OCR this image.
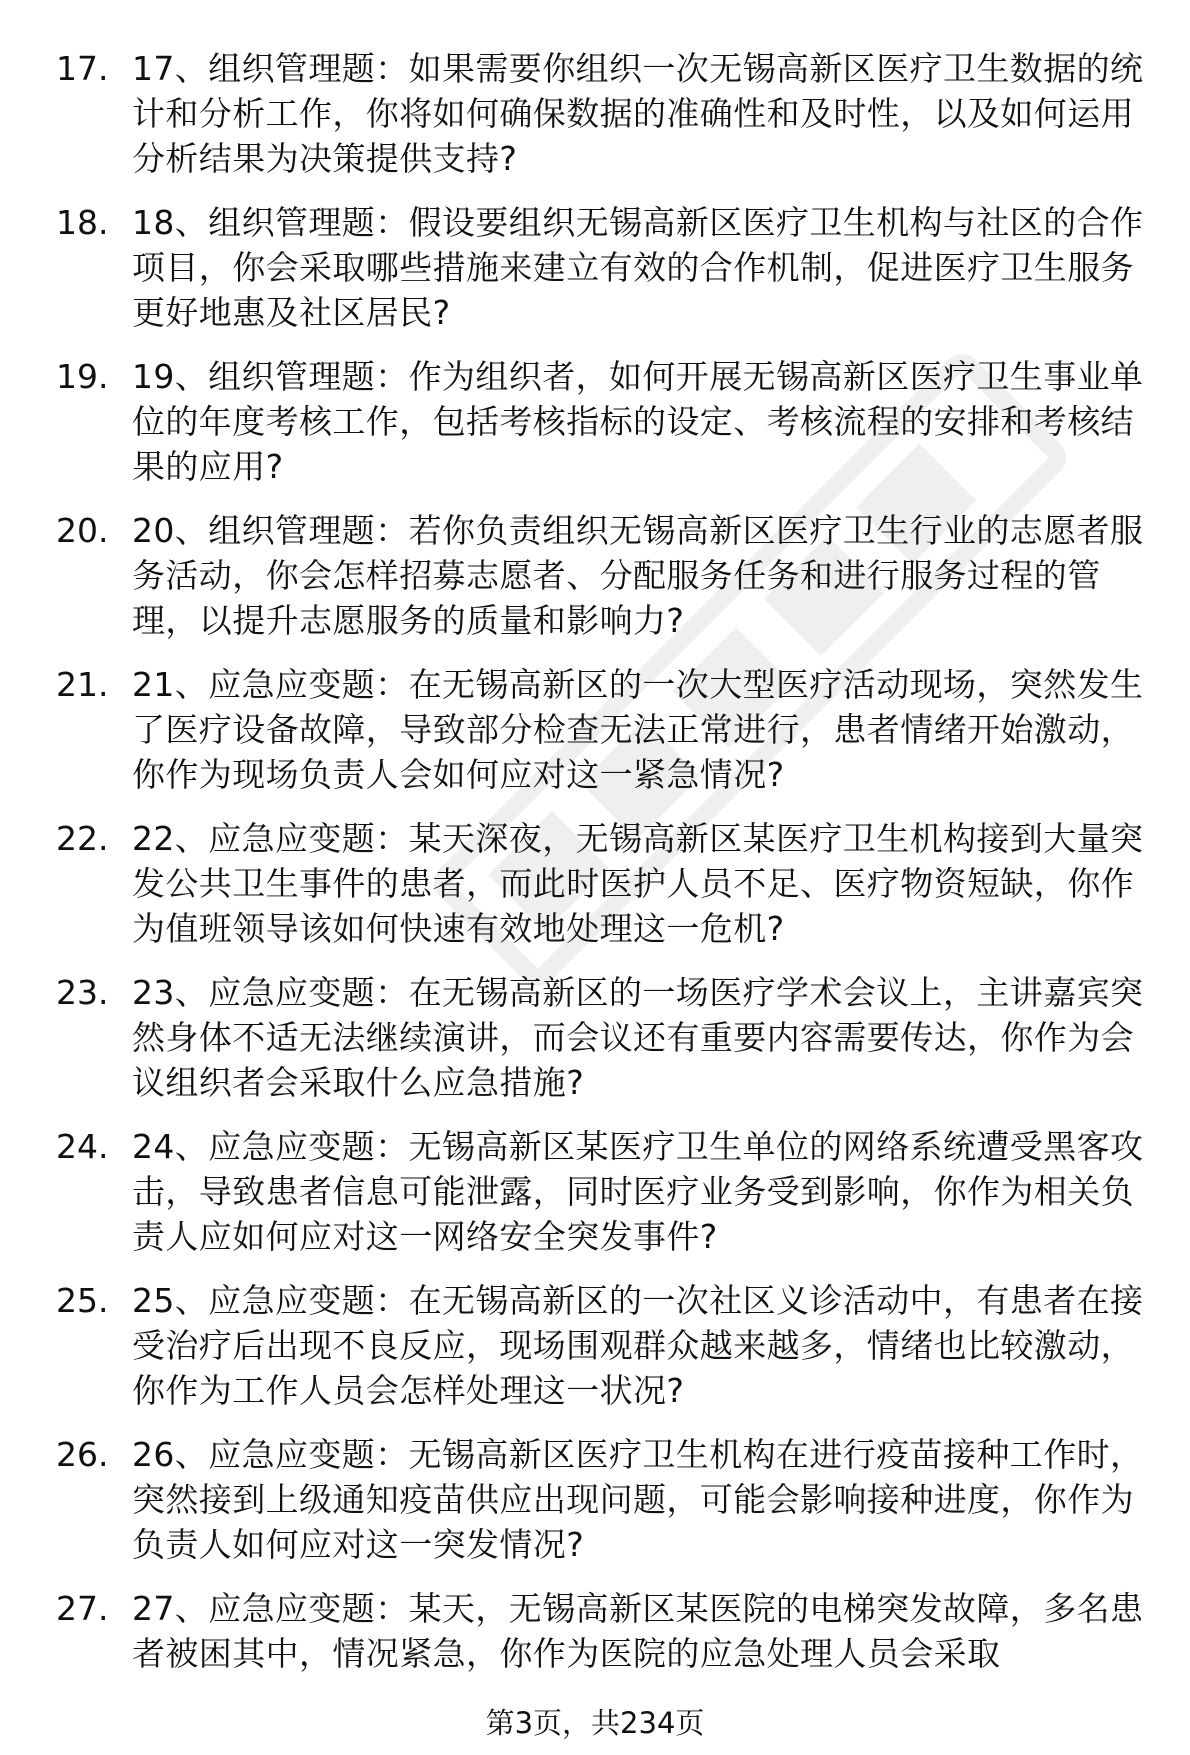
17. 17、组织管理题：如果需要你组织一次无锡高新区医疗卫生数据的统计和分析工作，你将如何确保数据的准确性和及时性，以及如何运用分析结果为决策提供支持?
18. 18、组织管理题：假设要组织无锡高新区医疗卫生机构与社区的合作项目，你会采取哪些措施来建立有效的合作机制，促进医疗卫生服务更好地惠及社区居民?
19. 19、组织管理题：作为组织者，如何开展无锡高新区医疗卫生事业单位的年度考核工作，包括考核指标的设定、考核流程的安排和考核结果的应用?
20. 20、组织管理题：若你负责组织无锡高新区医疗卫生行业的志愿者服务活动，你会怎样招募志愿者、分配服务任务和进行服务过程的管理，以提升志愿服务的质量和影响力?
21. 21、应急应变题：在无锡高新区的一次大型医疗活动现场，突然发生了医疗设备故障，导致部分检查无法正常进行，患者情绪开始激动，你作为现场负责人会如何应对这一紧急情况?
22. 22、应急应变题：某天深夜，无锡高新区某医疗卫生机构接到大量突发公共卫生事件的患者，而此时医护人员不足、医疗物资短缺，你作为值班领导该如何快速有效地处理这一危机?
23. 23、应急应变题：在无锡高新区的一场医疗学术会议上，主讲嘉宾突然身体不适无法继续演讲，而会议还有重要内容需要传达，你作为会议组织者会采取什么应急措施?
24. 24、应急应变题：无锡高新区某医疗卫生单位的网络系统遭受黑客攻击，导致患者信息可能泄露，同时医疗业务受到影响，你作为相关负责人应如何应对这一网络安全突发事件?
25. 25、应急应变题：在无锡高新区的一次社区义诊活动中，有患者在接受治疗后出现不良反应，现场围观群众越来越多，情绪也比较激动，你作为工作人员会怎样处理这一状况?
26. 26、应急应变题：无锡高新区医疗卫生机构在进行疫苗接种工作时，突然接到上级通知疫苗供应出现问题，可能会影响接种进度，你作为负责人如何应对这一突发情况?
27. 27、应急应变题：某天，无锡高新区某医院的电梯突发故障，多名患者被困其中，情况紧急，你作为医院的应急处理人员会采取
第3页，共234页
